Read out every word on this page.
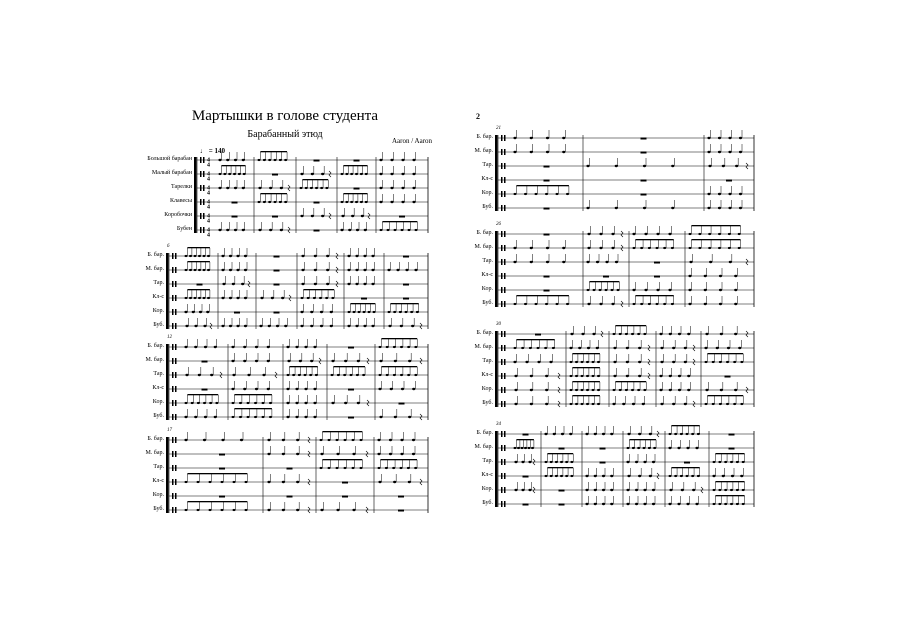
Мартышки в голове студента
Барабанный этюд
Aaron / Aaron
♩ = 140
2
4
4
4
4
4
4
4
4
4
4
4
4
Большой барабан
Малый барабан
Тарелки
Клавесы
Коробочки
Бубен
Б. бар.
М. бар.
Тар.
Кл-с
Кор.
Буб.
6
Б. бар.
М. бар.
Тар.
Кл-с
Кор.
Буб.
12
Б. бар.
М. бар.
Тар.
Кл-с
Кор.
Буб.
17
Б. бар.
М. бар.
Тар.
Кл-с
Кор.
Буб.
21
Б. бар.
М. бар.
Тар.
Кл-с
Кор.
Буб.
26
Б. бар.
М. бар.
Тар.
Кл-с
Кор.
Буб.
30
Б. бар.
М. бар.
Тар.
Кл-с
Кор.
Буб.
34
